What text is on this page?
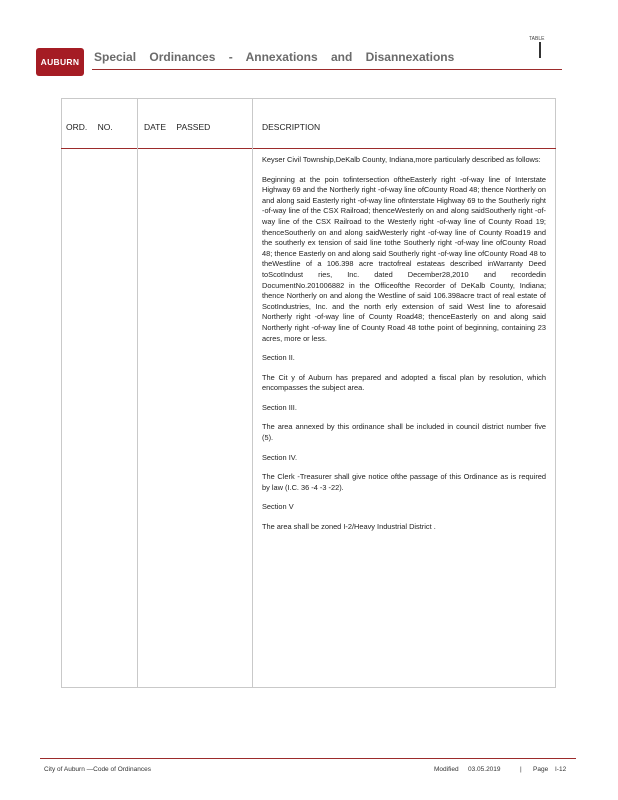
AUBURN Special Ordinances - Annexations and Disannexations
TABLE
ORD. NO.	DATE PASSED	DESCRIPTION

Keyser Civil Township,DeKalb County, Indiana,more particularly described as follows:

Beginning at the poin tofintersection oftheEasterly right -of-way line of Interstate Highway 69 and the Northerly right -of-way line ofCounty Road 48; thence Northerly on and along said Easterly right -of-way line ofInterstate Highway 69 to the Southerly right -of-way line of the CSX Railroad; thenceWesterly on and along saidSoutherly right -of-way line of the CSX Railroad to the Westerly right -of-way line of County Road 19; thenceSoutherly on and along saidWesterly right -of-way line of County Road19 and the southerly ex tension of said line tothe Southerly right -of-way line ofCounty Road 48; thence Easterly on and along said Southerly right -of-way line ofCounty Road 48 to theWestline of a 106.398 acre tractofreal estateas described inWarranty Deed toScotIndust ries, Inc. dated December28,2010 and recordedin DocumentNo.201006882 in the Officeofthe Recorder of DeKalb County, Indiana; thence Northerly on and along the Westline of said 106.398acre tract of real estate of ScotIndustries, Inc. and the north erly extension of said West line to aforesaid Northerly right -of-way line of County Road48; thenceEasterly on and along said Northerly right -of-way line of County Road 48 tothe point of beginning, containing 23 acres, more or less.

Section II.

The Cit y of Auburn has prepared and adopted a fiscal plan by resolution, which encompasses the subject area.

Section III.

The area annexed by this ordinance shall be included in council district number five (5).

Section IV.

The Clerk -Treasurer shall give notice ofthe passage of this Ordinance as is required by law (I.C. 36 -4 -3 -22).

Section V

The area shall be zoned I-2/Heavy Industrial District .

City of Auburn —Code of Ordinances	Modified 03.05.2019	| Page I-12
